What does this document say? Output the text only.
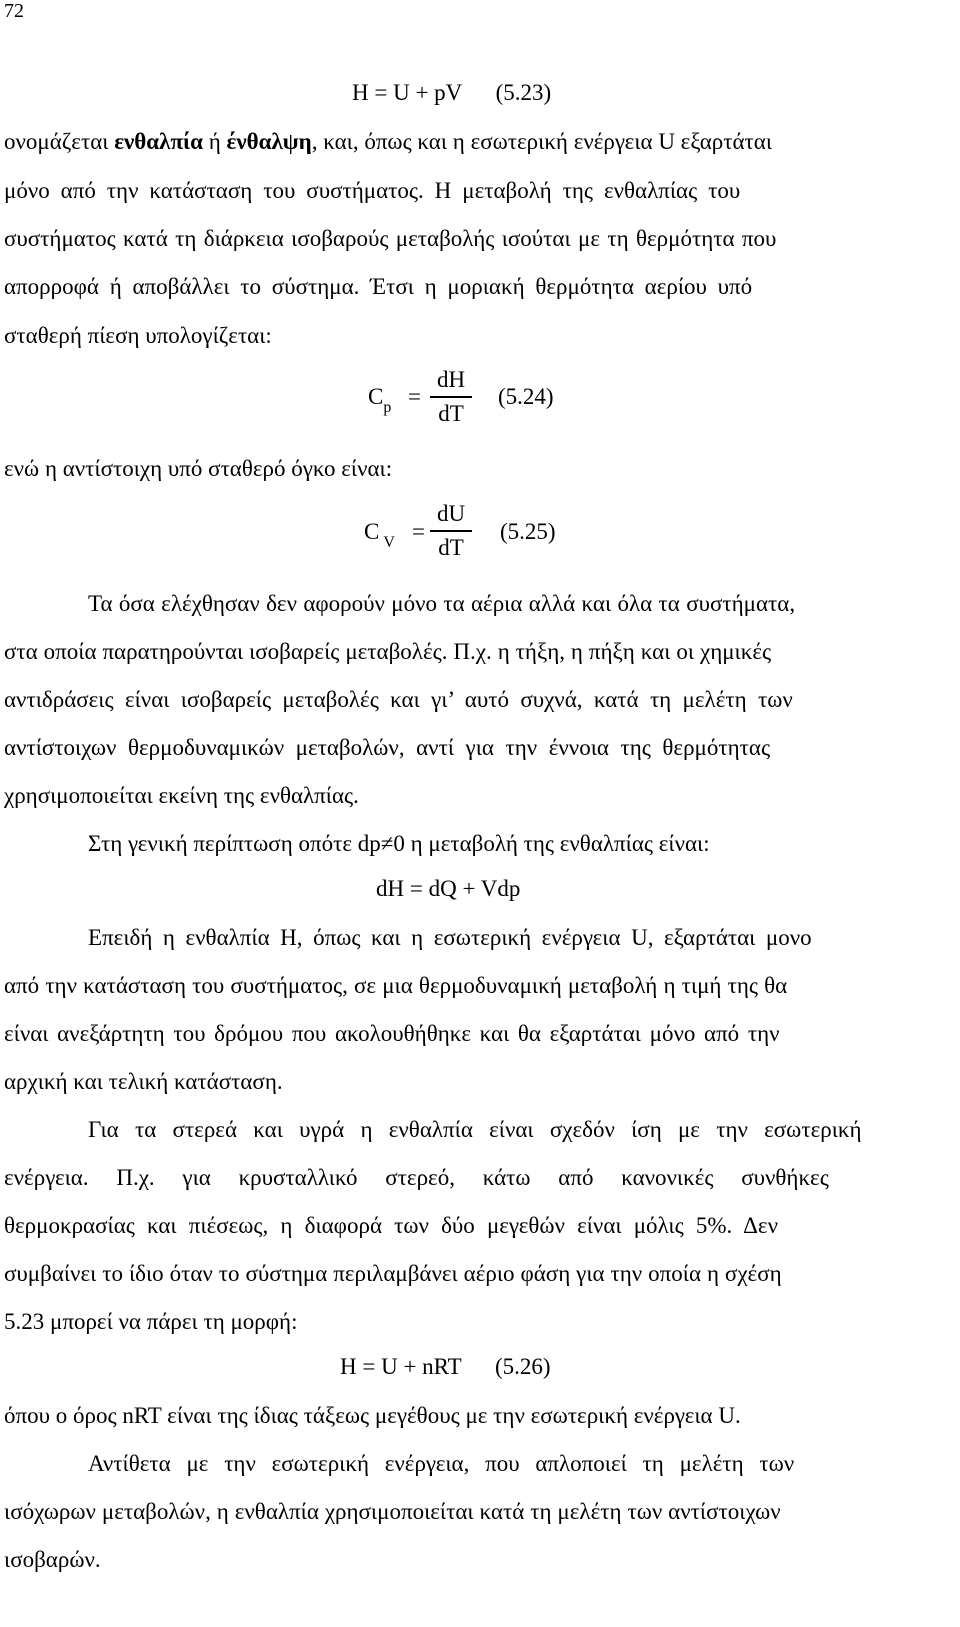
72
H = U + pV (5.23)
ονομάζεται ενθαλπία ή ένθαλψη, και, όπως και η εσωτερική ενέργεια U εξαρτάται
μόνο από την κατάσταση του συστήματος. Η μεταβολή της ενθαλπίας του
συστήματος κατά τη διάρκεια ισοβαρούς μεταβολής ισούται με τη θερμότητα που
απορροφά ή αποβάλλει το σύστημα. Έτσι η μοριακή θερμότητα αερίου υπό
σταθερή πίεση υπολογίζεται:
$C_p$ =
dH
dT
(5.24)
ενώ η αντίστοιχη υπό σταθερό όγκο είναι:
C $_V$ =
dU
dT
(5.25)
Τα όσα ελέχθησαν δεν αφορούν μόνο τα αέρια αλλά και όλα τα συστήματα,
στα οποία παρατηρούνται ισοβαρείς μεταβολές. Π.χ. η τήξη, η πήξη και οι χημικές
αντιδράσεις είναι ισοβαρείς μεταβολές και γι’ αυτό συχνά, κατά τη μελέτη των
αντίστοιχων θερμοδυναμικών μεταβολών, αντί για την έννοια της θερμότητας
χρησιμοποιείται εκείνη της ενθαλπίας.
Στη γενική περίπτωση οπότε dp≠0 η μεταβολή της ενθαλπίας είναι:
dH = dQ + Vdp
Επειδή η ενθαλπία H, όπως και η εσωτερική ενέργεια U, εξαρτάται μονο
από την κατάσταση του συστήματος, σε μια θερμοδυναμική μεταβολή η τιμή της θα
είναι ανεξάρτητη του δρόμου που ακολουθήθηκε και θα εξαρτάται μόνο από την
αρχική και τελική κατάσταση.
Για τα στερεά και υγρά η ενθαλπία είναι σχεδόν ίση με την εσωτερική
ενέργεια. Π.χ. για κρυσταλλικό στερεό, κάτω από κανονικές συνθήκες
θερμοκρασίας και πιέσεως, η διαφορά των δύο μεγεθών είναι μόλις 5%. Δεν
συμβαίνει το ίδιο όταν το σύστημα περιλαμβάνει αέριο φάση για την οποία η σχέση
5.23 μπορεί να πάρει τη μορφή:
H = U + nRT (5.26)
όπου ο όρος nRT είναι της ίδιας τάξεως μεγέθους με την εσωτερική ενέργεια U.
Αντίθετα με την εσωτερική ενέργεια, που απλοποιεί τη μελέτη των
ισόχωρων μεταβολών, η ενθαλπία χρησιμοποιείται κατά τη μελέτη των αντίστοιχων
ισοβαρών.
